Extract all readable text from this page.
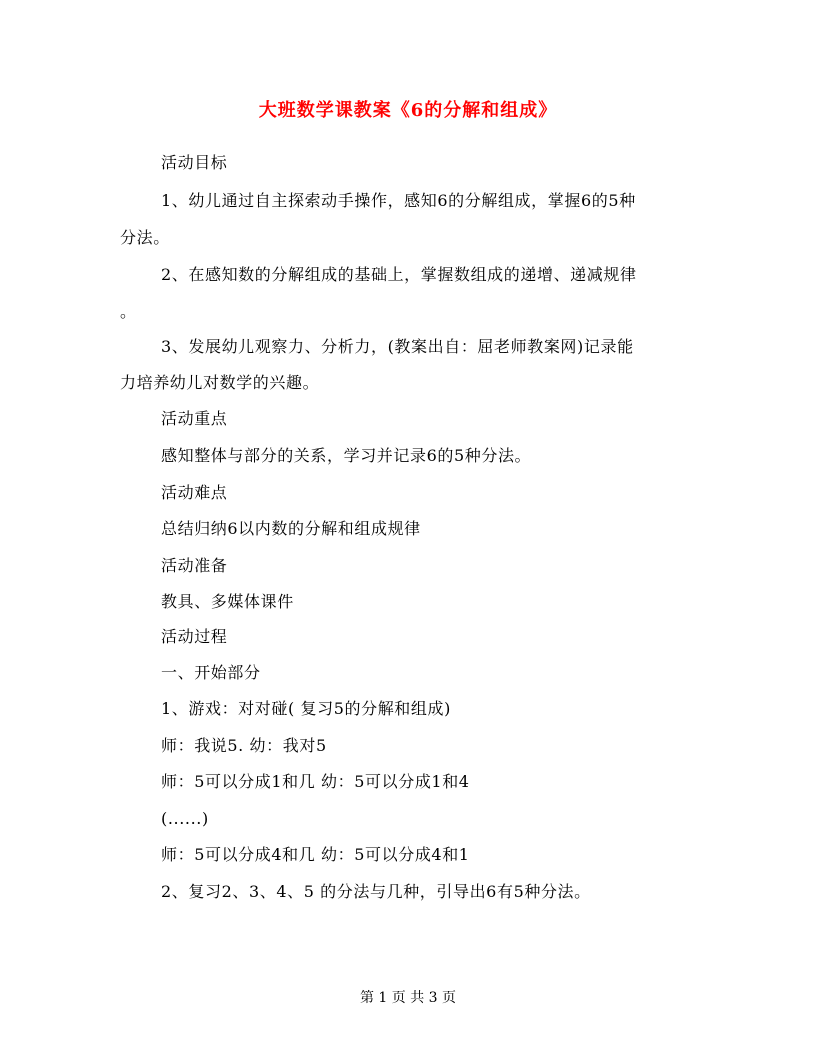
大班数学课教案《6的分解和组成》
活动目标
1、幼儿通过自主探索动手操作，感知6的分解组成，掌握6的5种
分法。
2、在感知数的分解组成的基础上，掌握数组成的递增、递减规律
。
3、发展幼儿观察力、分析力，(教案出自：屈老师教案网)记录能
力培养幼儿对数学的兴趣。
活动重点
感知整体与部分的关系，学习并记录6的5种分法。
活动难点
总结归纳6以内数的分解和组成规律
活动准备
教具、多媒体课件
活动过程
一、开始部分
1、游戏：对对碰( 复习5的分解和组成)
师：我说5. 幼：我对5
师：5可以分成1和几 幼：5可以分成1和4
(......)
师：5可以分成4和几 幼：5可以分成4和1
2、复习2、3、4、5 的分法与几种，引导出6有5种分法。
第 1 页 共 3 页
